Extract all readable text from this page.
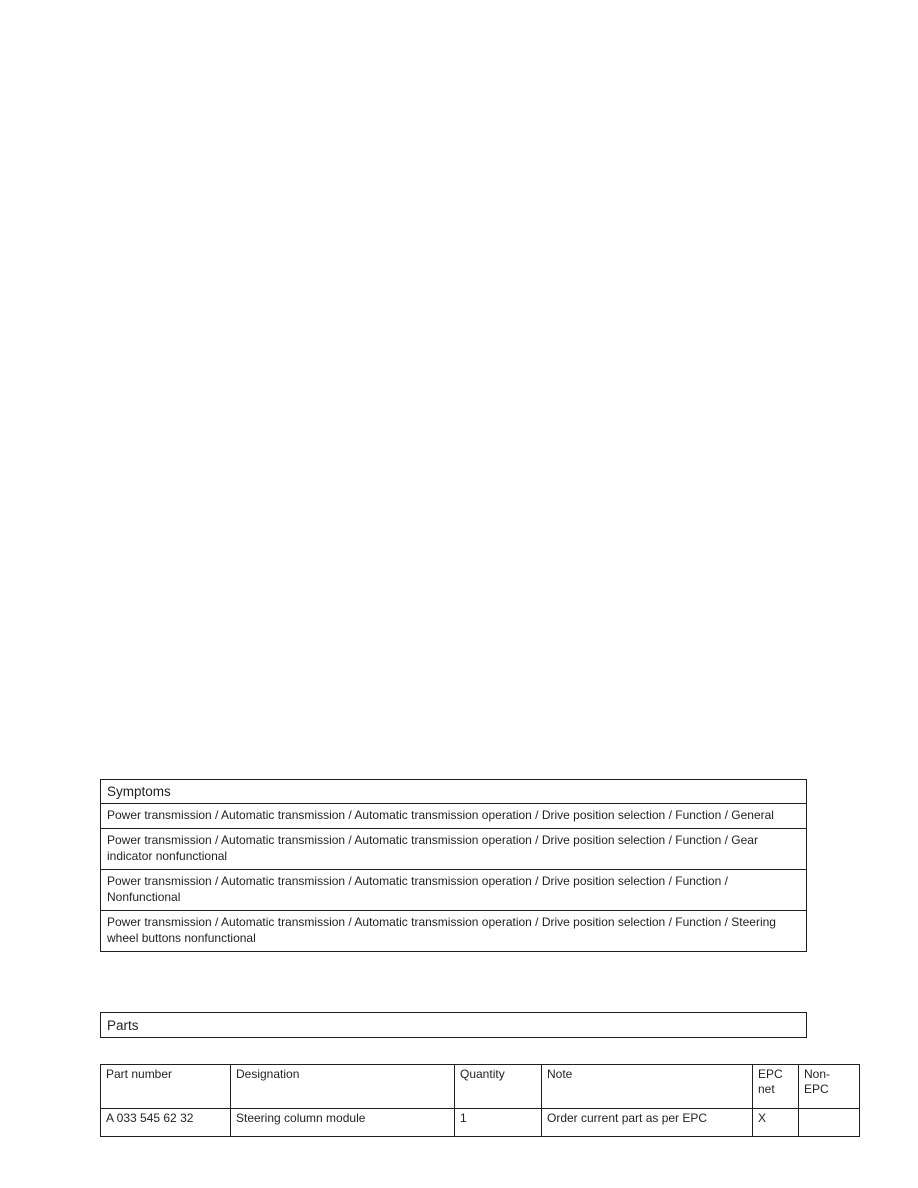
Symptoms
Power transmission / Automatic transmission / Automatic transmission operation / Drive position selection / Function / General
Power transmission / Automatic transmission / Automatic transmission operation / Drive position selection / Function / Gear indicator nonfunctional
Power transmission / Automatic transmission / Automatic transmission operation / Drive position selection / Function / Nonfunctional
Power transmission / Automatic transmission / Automatic transmission operation / Drive position selection / Function / Steering wheel buttons nonfunctional
Parts
Part number	Designation	Quantity	Note	EPC net	Non-EPC
A 033 545 62 32	Steering column module	1	Order current part as per EPC	X	
